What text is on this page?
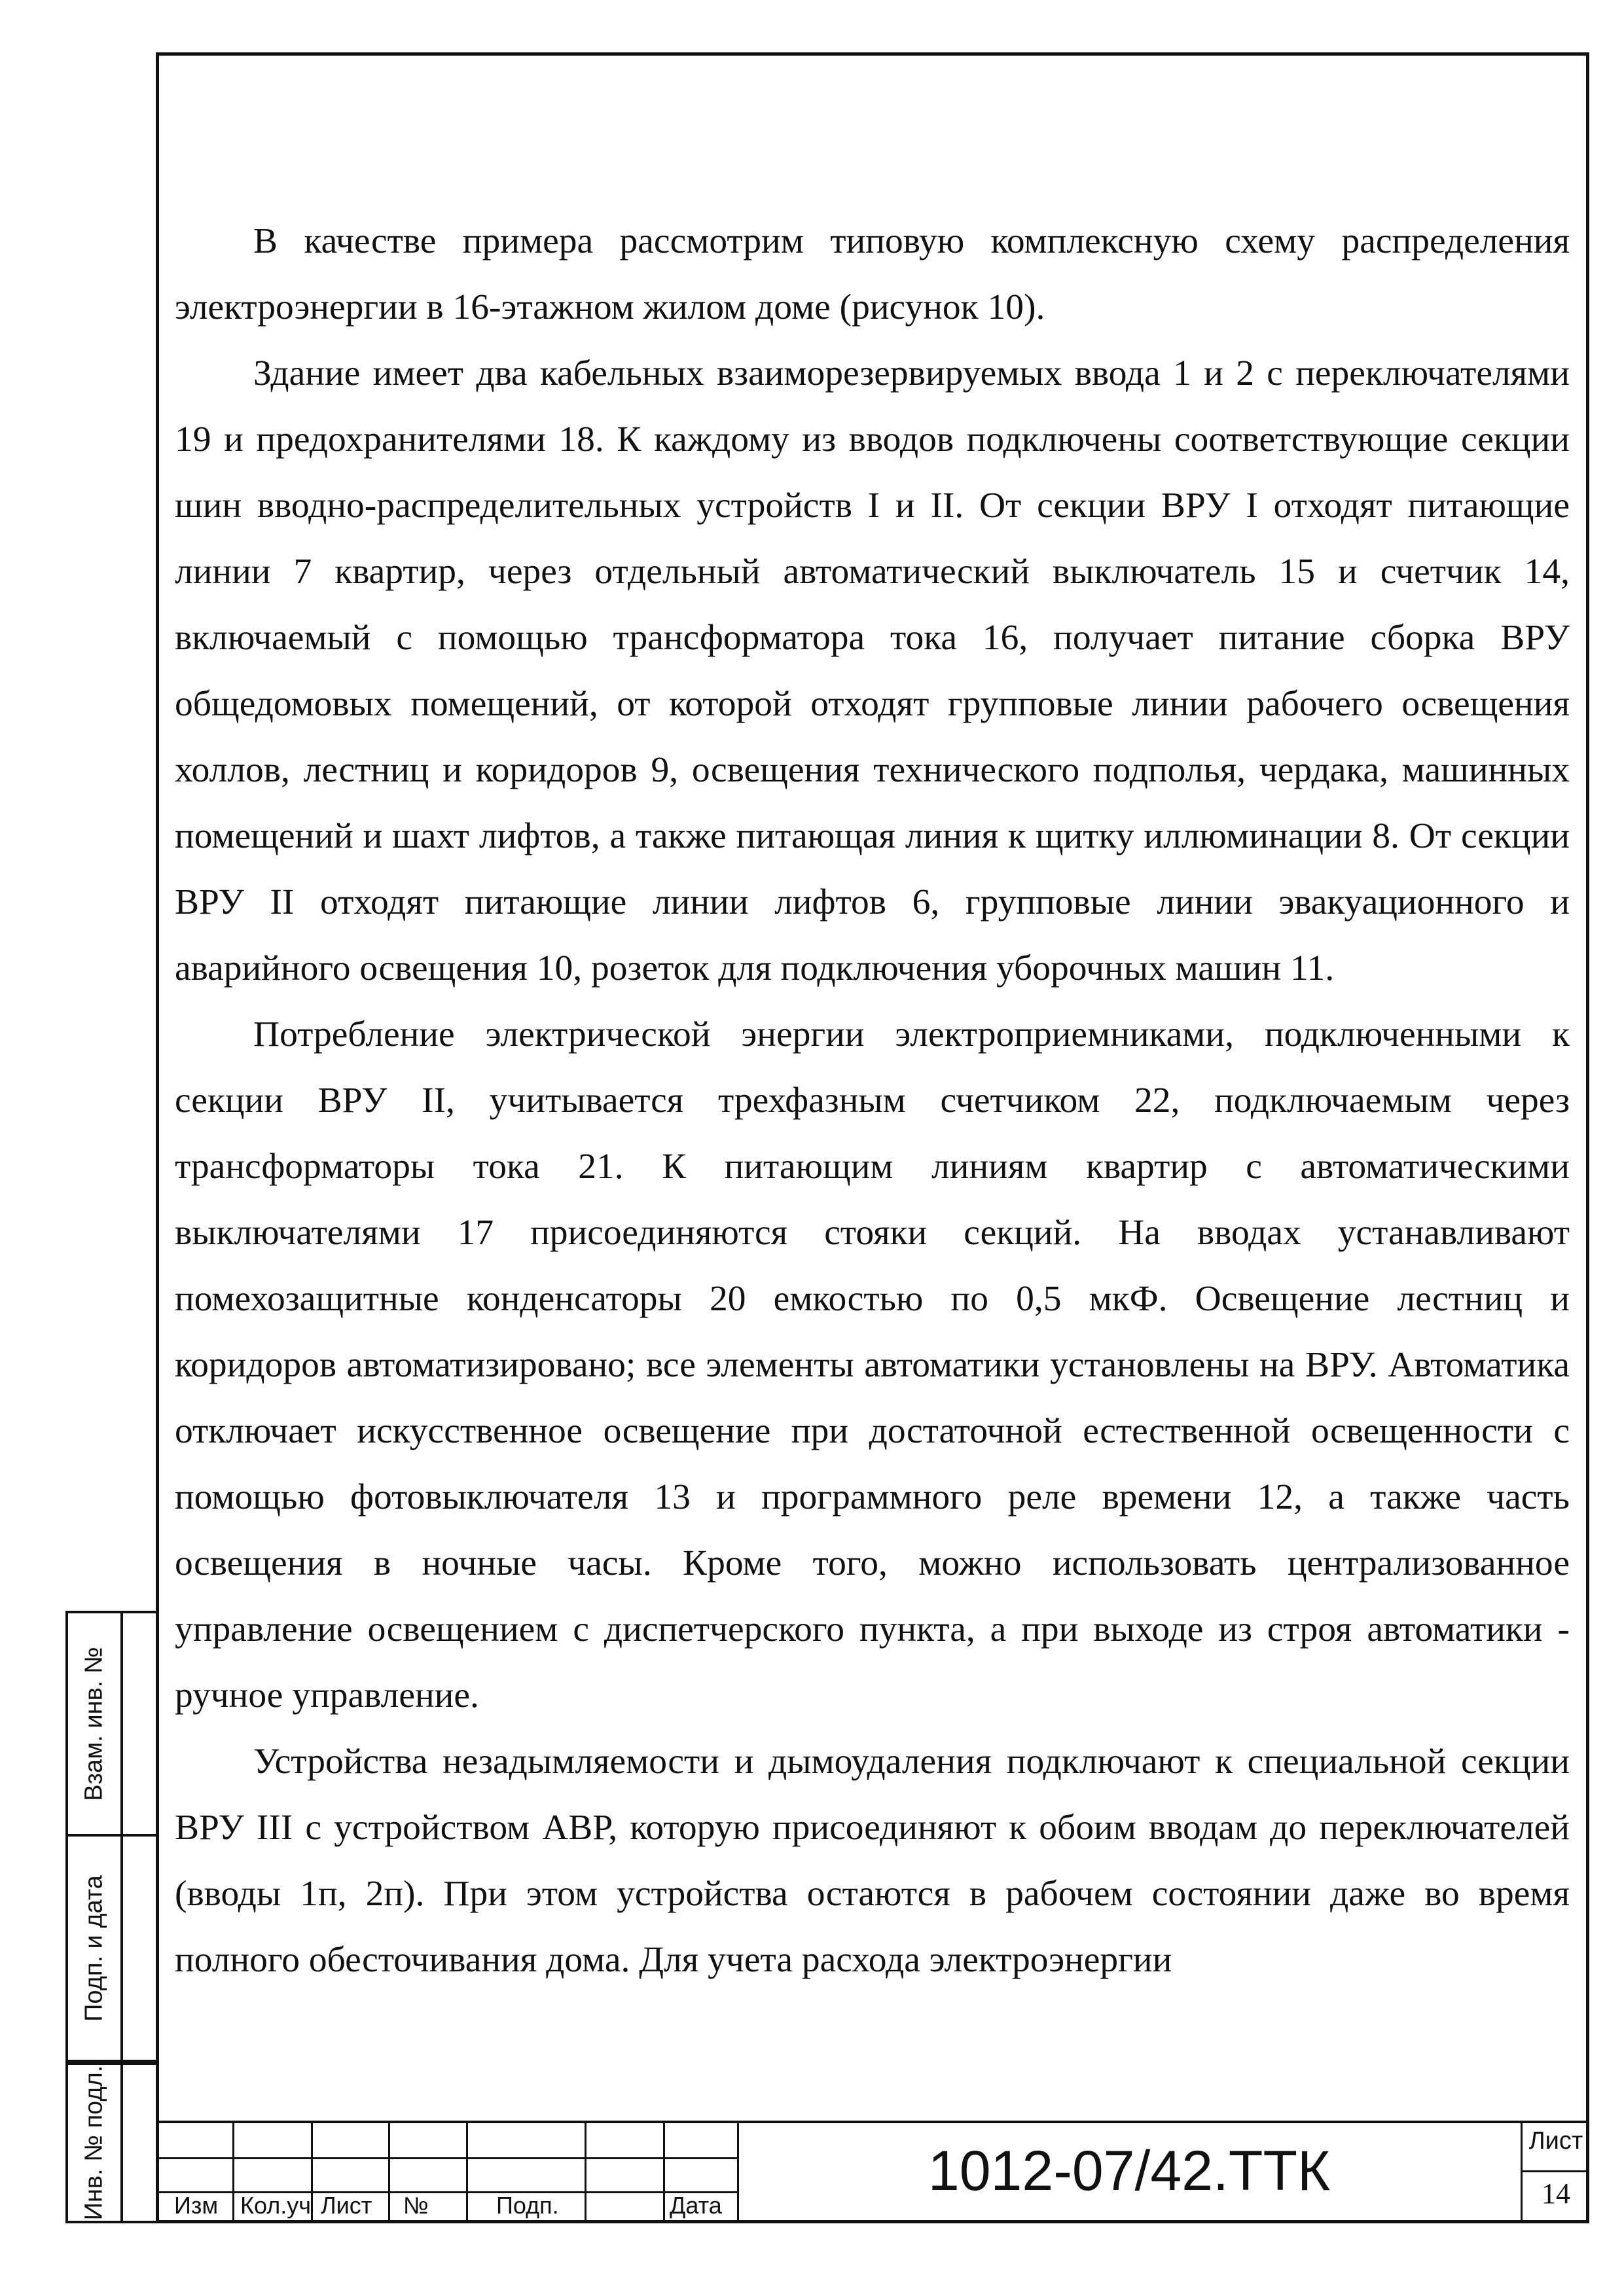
В качестве примера рассмотрим типовую комплексную схему распределения электроэнергии в 16-этажном жилом доме (рисунок 10).

Здание имеет два кабельных взаиморезервируемых ввода 1 и 2 с переключателями 19 и предохранителями 18. К каждому из вводов подключены соответствующие секции шин вводно-распределительных устройств I и II. От секции ВРУ I отходят питающие линии 7 квартир, через отдельный автоматический выключатель 15 и счетчик 14, включаемый с помощью трансформатора тока 16, получает питание сборка ВРУ общедомовых помещений, от которой отходят групповые линии рабочего освещения холлов, лестниц и коридоров 9, освещения технического подполья, чердака, машинных помещений и шахт лифтов, а также питающая линия к щитку иллюминации 8. От секции ВРУ II отходят питающие линии лифтов 6, групповые линии эвакуационного и аварийного освещения 10, розеток для подключения уборочных машин 11.

Потребление электрической энергии электроприемниками, подключенными к секции ВРУ II, учитывается трехфазным счетчиком 22, подключаемым через трансформаторы тока 21. К питающим линиям квартир с автоматическими выключателями 17 присоединяются стояки секций. На вводах устанавливают помехозащитные конденсаторы 20 емкостью по 0,5 мкФ. Освещение лестниц и коридоров автоматизировано; все элементы автоматики установлены на ВРУ. Автоматика отключает искусственное освещение при достаточной естественной освещенности с помощью фотовыключателя 13 и программного реле времени 12, а также часть освещения в ночные часы. Кроме того, можно использовать централизованное управление освещением с диспетчерского пункта, а при выходе из строя автоматики - ручное управление.

Устройства незадымляемости и дымоудаления подключают к специальной секции ВРУ III с устройством АВР, которую присоединяют к обоим вводам до переключателей (вводы 1п, 2п). При этом устройства остаются в рабочем состоянии даже во время полного обесточивания дома. Для учета расхода электроэнергии

Взам. инв. №
Подп. и дата
Инв. № подл.	Изм Кол.уч Лист №	Подп.	Дата
1012-07/42.ТТК	Лист
14
